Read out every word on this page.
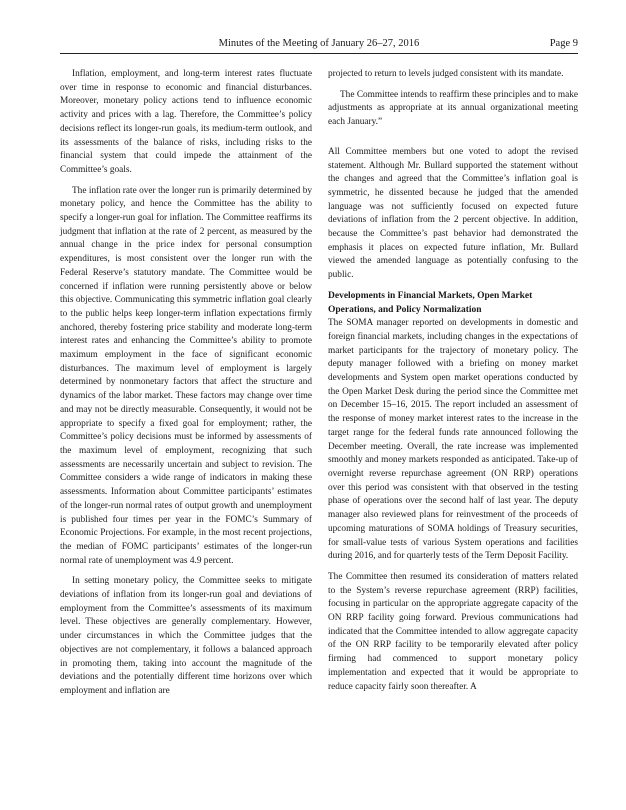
Minutes of the Meeting of January 26–27, 2016	Page 9

Inflation, employment, and long-term interest rates fluctuate over time in response to economic and financial disturbances. Moreover, monetary policy actions tend to influence economic activity and prices with a lag. Therefore, the Committee’s policy decisions reflect its longer-run goals, its medium-term outlook, and its assessments of the balance of risks, including risks to the financial system that could impede the attainment of the Committee’s goals.

The inflation rate over the longer run is primarily determined by monetary policy, and hence the Committee has the ability to specify a longer-run goal for inflation. The Committee reaffirms its judgment that inflation at the rate of 2 percent, as measured by the annual change in the price index for personal consumption expenditures, is most consistent over the longer run with the Federal Reserve’s statutory mandate. The Committee would be concerned if inflation were running persistently above or below this objective. Communicating this symmetric inflation goal clearly to the public helps keep longer-term inflation expectations firmly anchored, thereby fostering price stability and moderate long-term interest rates and enhancing the Committee’s ability to promote maximum employment in the face of significant economic disturbances. The maximum level of employment is largely determined by nonmonetary factors that affect the structure and dynamics of the labor market. These factors may change over time and may not be directly measurable. Consequently, it would not be appropriate to specify a fixed goal for employment; rather, the Committee’s policy decisions must be informed by assessments of the maximum level of employment, recognizing that such assessments are necessarily uncertain and subject to revision. The Committee considers a wide range of indicators in making these assessments. Information about Committee participants’ estimates of the longer-run normal rates of output growth and unemployment is published four times per year in the FOMC’s Summary of Economic Projections. For example, in the most recent projections, the median of FOMC participants’ estimates of the longer-run normal rate of unemployment was 4.9 percent.

In setting monetary policy, the Committee seeks to mitigate deviations of inflation from its longer-run goal and deviations of employment from the Committee’s assessments of its maximum level. These objectives are generally complementary. However, under circumstances in which the Committee judges that the objectives are not complementary, it follows a balanced approach in promoting them, taking into account the magnitude of the deviations and the potentially different time horizons over which employment and inflation are

projected to return to levels judged consistent with its mandate.

The Committee intends to reaffirm these principles and to make adjustments as appropriate at its annual organizational meeting each January.”

All Committee members but one voted to adopt the revised statement. Although Mr. Bullard supported the statement without the changes and agreed that the Committee’s inflation goal is symmetric, he dissented because he judged that the amended language was not sufficiently focused on expected future deviations of inflation from the 2 percent objective. In addition, because the Committee’s past behavior had demonstrated the emphasis it places on expected future inflation, Mr. Bullard viewed the amended language as potentially confusing to the public.

Developments in Financial Markets, Open Market Operations, and Policy Normalization

The SOMA manager reported on developments in domestic and foreign financial markets, including changes in the expectations of market participants for the trajectory of monetary policy. The deputy manager followed with a briefing on money market developments and System open market operations conducted by the Open Market Desk during the period since the Committee met on December 15–16, 2015. The report included an assessment of the response of money market interest rates to the increase in the target range for the federal funds rate announced following the December meeting. Overall, the rate increase was implemented smoothly and money markets responded as anticipated. Take-up of overnight reverse repurchase agreement (ON RRP) operations over this period was consistent with that observed in the testing phase of operations over the second half of last year. The deputy manager also reviewed plans for reinvestment of the proceeds of upcoming maturations of SOMA holdings of Treasury securities, for small-value tests of various System operations and facilities during 2016, and for quarterly tests of the Term Deposit Facility.

The Committee then resumed its consideration of matters related to the System’s reverse repurchase agreement (RRP) facilities, focusing in particular on the appropriate aggregate capacity of the ON RRP facility going forward. Previous communications had indicated that the Committee intended to allow aggregate capacity of the ON RRP facility to be temporarily elevated after policy firming had commenced to support monetary policy implementation and expected that it would be appropriate to reduce capacity fairly soon thereafter. A
